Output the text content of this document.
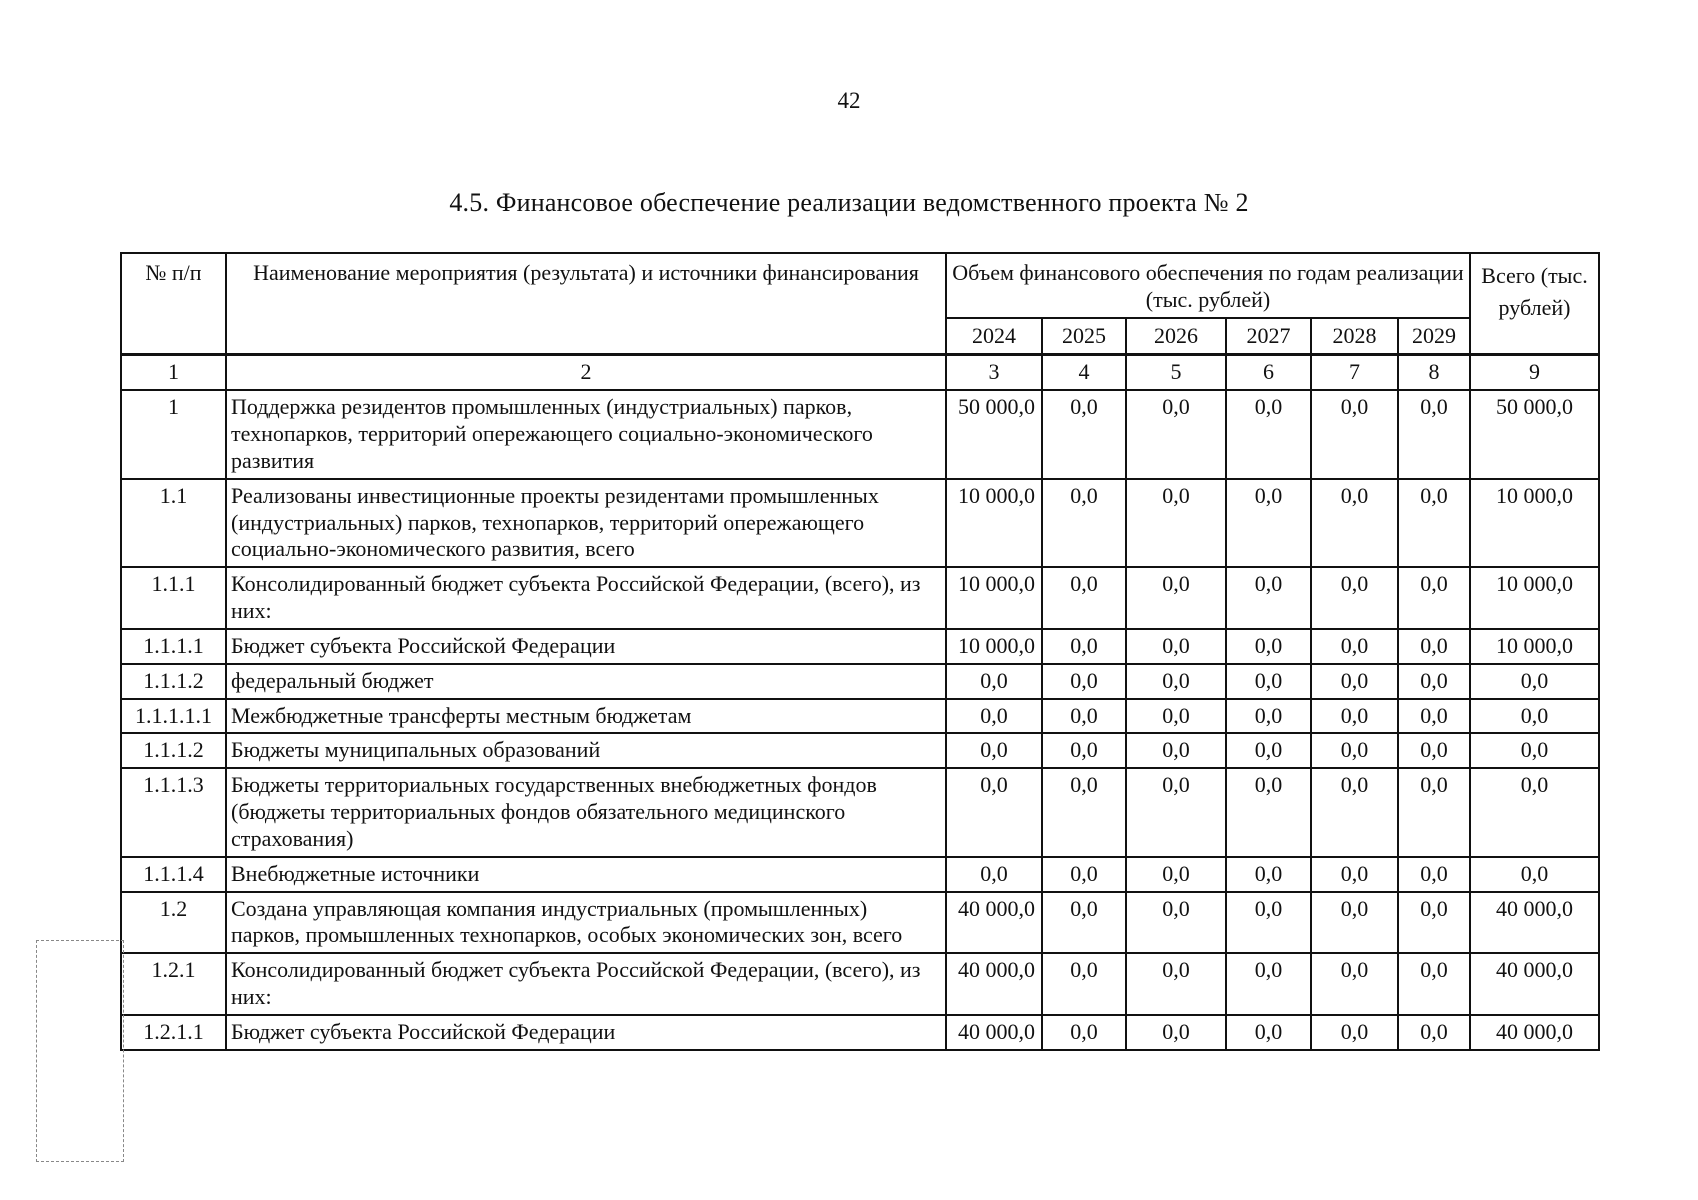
42
4.5. Финансовое обеспечение реализации ведомственного проекта № 2
№ п/п	Наименование мероприятия (результата) и источники финансирования	Объем финансового обеспечения по годам реализации (тыс. рублей)						Всего (тыс. рублей)
		2024	2025	2026	2027	2028	2029	
1	2	3	4	5	6	7	8	9
1	Поддержка резидентов промышленных (индустриальных) парков, технопарков, территорий опережающего социально-экономического развития	50 000,0	0,0	0,0	0,0	0,0	0,0	50 000,0
1.1	Реализованы инвестиционные проекты резидентами промышленных (индустриальных) парков, технопарков, территорий опережающего социально-экономического развития, всего	10 000,0	0,0	0,0	0,0	0,0	0,0	10 000,0
1.1.1	Консолидированный бюджет субъекта Российской Федерации, (всего), из них:	10 000,0	0,0	0,0	0,0	0,0	0,0	10 000,0
1.1.1.1	Бюджет субъекта Российской Федерации	10 000,0	0,0	0,0	0,0	0,0	0,0	10 000,0
1.1.1.2	федеральный бюджет	0,0	0,0	0,0	0,0	0,0	0,0	0,0
1.1.1.1.1	Межбюджетные трансферты местным бюджетам	0,0	0,0	0,0	0,0	0,0	0,0	0,0
1.1.1.2	Бюджеты муниципальных образований	0,0	0,0	0,0	0,0	0,0	0,0	0,0
1.1.1.3	Бюджеты территориальных государственных внебюджетных фондов (бюджеты территориальных фондов обязательного медицинского страхования)	0,0	0,0	0,0	0,0	0,0	0,0	0,0
1.1.1.4	Внебюджетные источники	0,0	0,0	0,0	0,0	0,0	0,0	0,0
1.2	Создана управляющая компания индустриальных (промышленных) парков, промышленных технопарков, особых экономических зон, всего	40 000,0	0,0	0,0	0,0	0,0	0,0	40 000,0
1.2.1	Консолидированный бюджет субъекта Российской Федерации, (всего), из них:	40 000,0	0,0	0,0	0,0	0,0	0,0	40 000,0
1.2.1.1	Бюджет субъекта Российской Федерации	40 000,0	0,0	0,0	0,0	0,0	0,0	40 000,0
